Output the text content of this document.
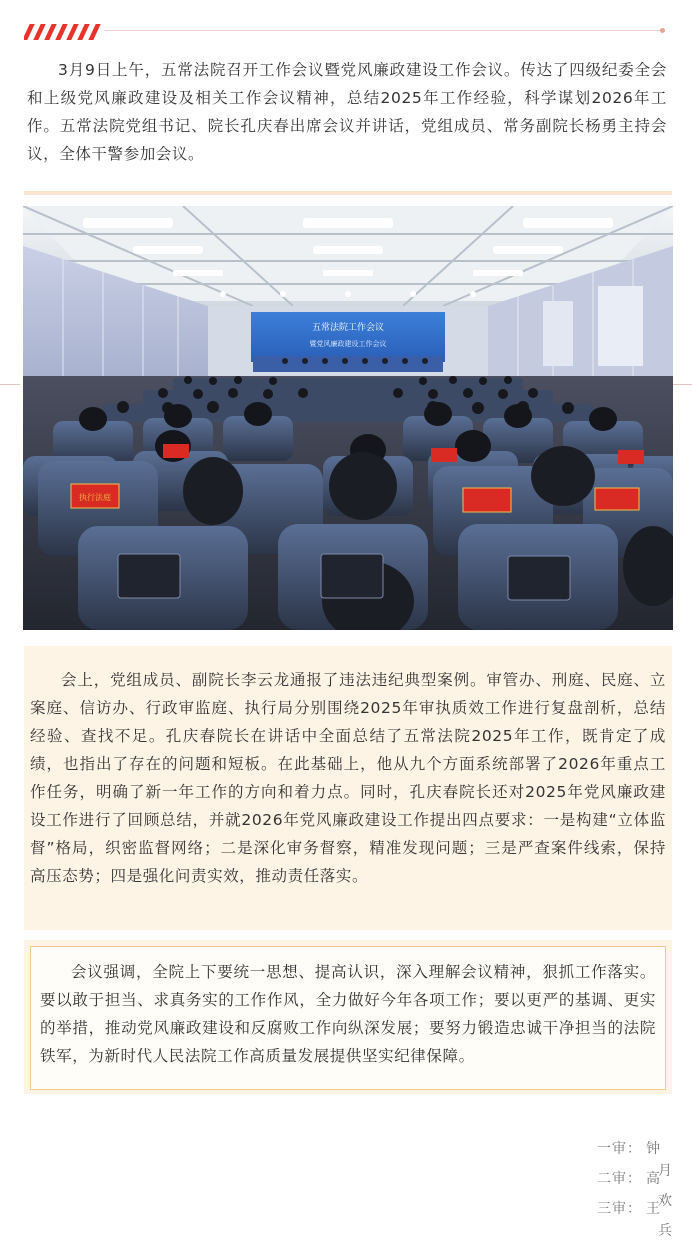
3月9日上午，五常法院召开工作会议暨党风廉政建设工作会议。传达了四级纪委全会和上级党风廉政建设及相关工作会议精神，总结2025年工作经验，科学谋划2026年工作。五常法院党组书记、院长孔庆春出席会议并讲话，党组成员、常务副院长杨勇主持会议，全体干警参加会议。

五常法院工作会议
暨党风廉政建设工作会议
执行法庭

会上，党组成员、副院长李云龙通报了违法违纪典型案例。审管办、刑庭、民庭、立案庭、信访办、行政审监庭、执行局分别围绕2025年审执质效工作进行复盘剖析，总结经验、查找不足。孔庆春院长在讲话中全面总结了五常法院2025年工作，既肯定了成绩，也指出了存在的问题和短板。在此基础上，他从九个方面系统部署了2026年重点工作任务，明确了新一年工作的方向和着力点。同时，孔庆春院长还对2025年党风廉政建设工作进行了回顾总结，并就2026年党风廉政建设工作提出四点要求：一是构建“立体监督”格局，织密监督网络；二是深化审务督察，精准发现问题；三是严查案件线索，保持高压态势；四是强化问责实效，推动责任落实。

会议强调，全院上下要统一思想、提高认识，深入理解会议精神，狠抓工作落实。要以敢于担当、求真务实的工作作风，全力做好今年各项工作；要以更严的基调、更实的举措，推动党风廉政建设和反腐败工作向纵深发展；要努力锻造忠诚干净担当的法院铁军，为新时代人民法院工作高质量发展提供坚实纪律保障。

一审： 钟月
二审： 高欢
三审： 王兵
